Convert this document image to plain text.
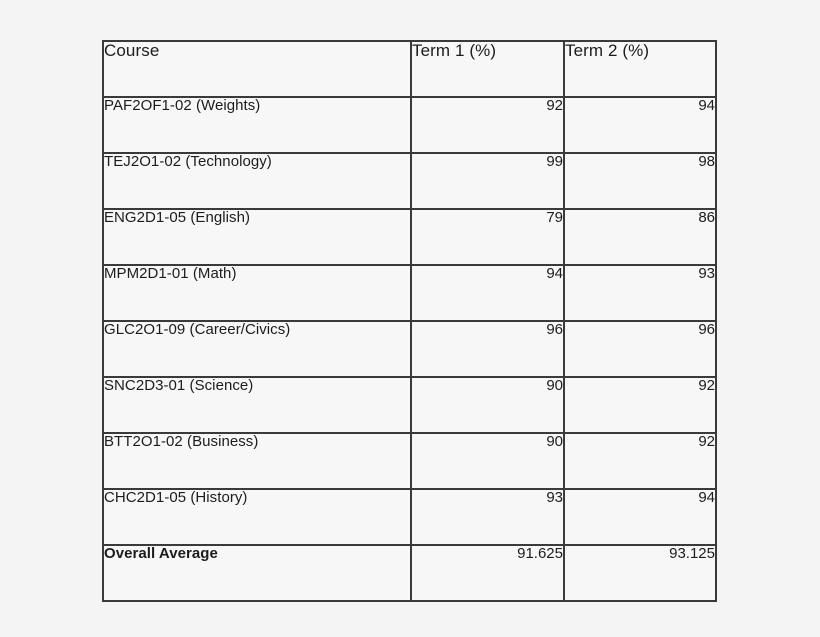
Course	Term 1 (%)	Term 2 (%)
PAF2OF1-02 (Weights)	92	94
TEJ2O1-02 (Technology)	99	98
ENG2D1-05 (English)	79	86
MPM2D1-01 (Math)	94	93
GLC2O1-09 (Career/Civics)	96	96
SNC2D3-01 (Science)	90	92
BTT2O1-02 (Business)	90	92
CHC2D1-05 (History)	93	94
Overall Average	91.625	93.125
